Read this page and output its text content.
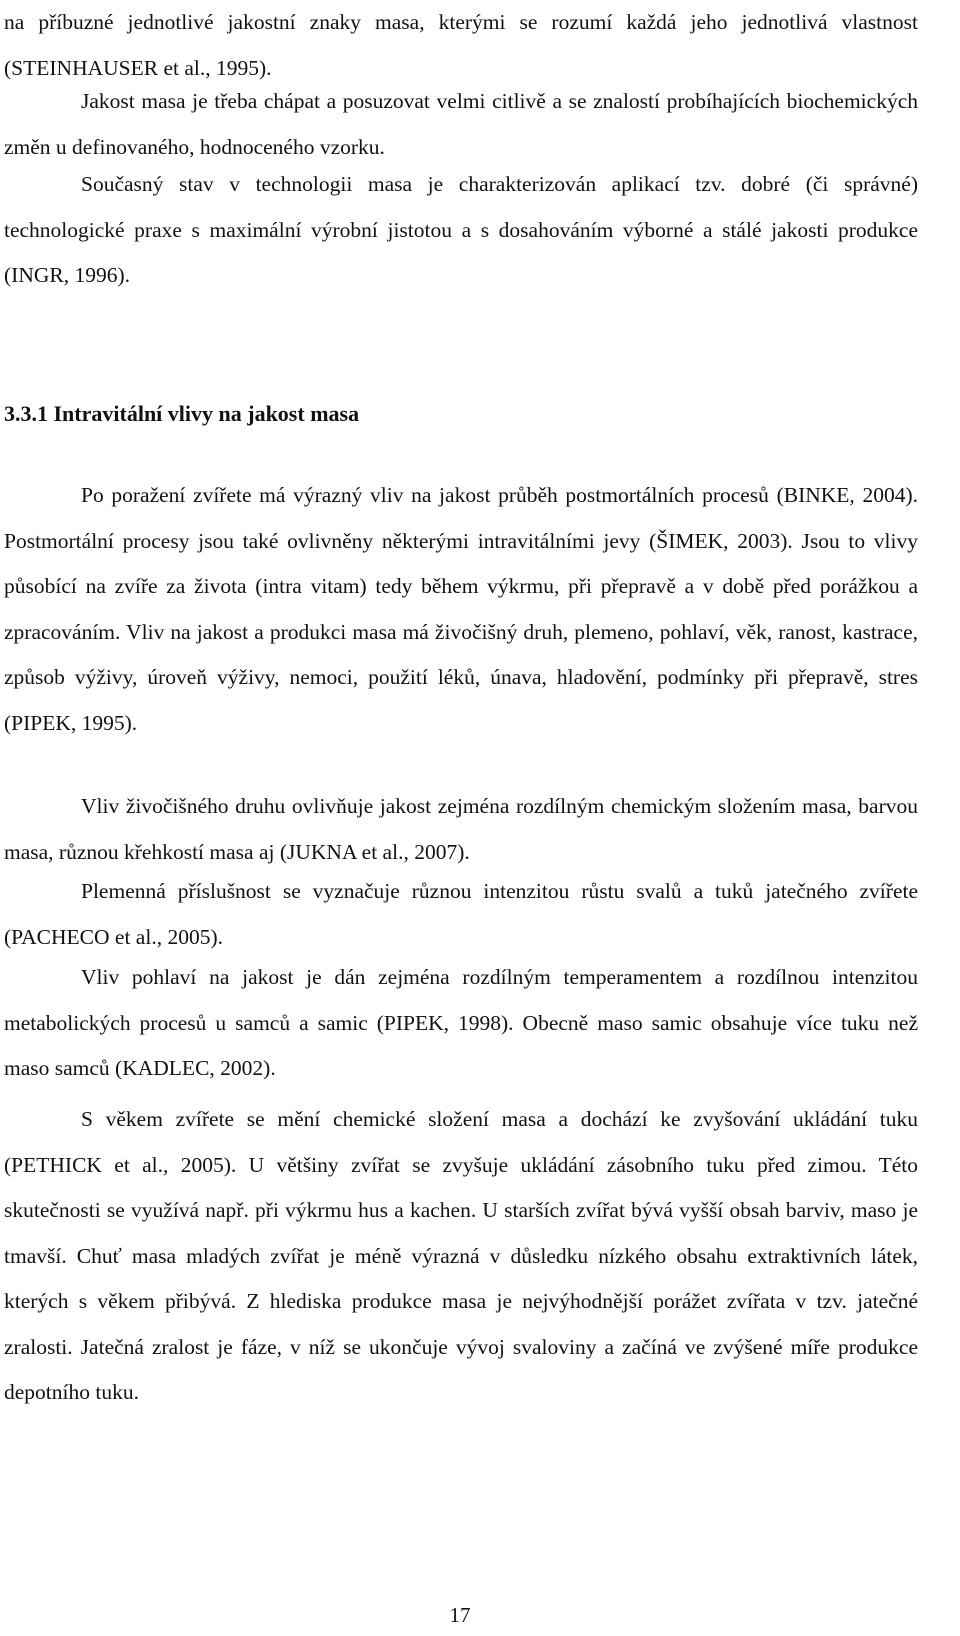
na příbuzné jednotlivé jakostní znaky masa, kterými se rozumí každá jeho jednotlivá vlastnost (STEINHAUSER et al., 1995).

Jakost masa je třeba chápat a posuzovat velmi citlivě a se znalostí probíhajících biochemických změn u definovaného, hodnoceného vzorku.

Současný stav v technologii masa je charakterizován aplikací tzv. dobré (či správné) technologické praxe s maximální výrobní jistotou a s dosahováním výborné a stálé jakosti produkce (INGR, 1996).

3.3.1 Intravitální vlivy na jakost masa

Po poražení zvířete má výrazný vliv na jakost průběh postmortálních procesů (BINKE, 2004). Postmortální procesy jsou také ovlivněny některými intravitálními jevy (ŠIMEK, 2003). Jsou to vlivy působící na zvíře za života (intra vitam) tedy během výkrmu, při přepravě a v době před porážkou a zpracováním. Vliv na jakost a produkci masa má živočišný druh, plemeno, pohlaví, věk, ranost, kastrace, způsob výživy, úroveň výživy, nemoci, použití léků, únava, hladovění, podmínky při přepravě, stres (PIPEK, 1995).

Vliv živočišného druhu ovlivňuje jakost zejména rozdílným chemickým složením masa, barvou masa, různou křehkostí masa aj (JUKNA et al., 2007).

Plemenná příslušnost se vyznačuje různou intenzitou růstu svalů a tuků jatečného zvířete (PACHECO et al., 2005).

Vliv pohlaví na jakost je dán zejména rozdílným temperamentem a rozdílnou intenzitou metabolických procesů u samců a samic (PIPEK, 1998). Obecně maso samic obsahuje více tuku než maso samců (KADLEC, 2002).

S věkem zvířete se mění chemické složení masa a dochází ke zvyšování ukládání tuku (PETHICK et al., 2005). U většiny zvířat se zvyšuje ukládání zásobního tuku před zimou. Této skutečnosti se využívá např. při výkrmu hus a kachen. U starších zvířat bývá vyšší obsah barviv, maso je tmavší. Chuť masa mladých zvířat je méně výrazná v důsledku nízkého obsahu extraktivních látek, kterých s věkem přibývá. Z hlediska produkce masa je nejvýhodnější porážet zvířata v tzv. jatečné zralosti. Jatečná zralost je fáze, v níž se ukončuje vývoj svaloviny a začíná ve zvýšené míře produkce depotního tuku.

17
